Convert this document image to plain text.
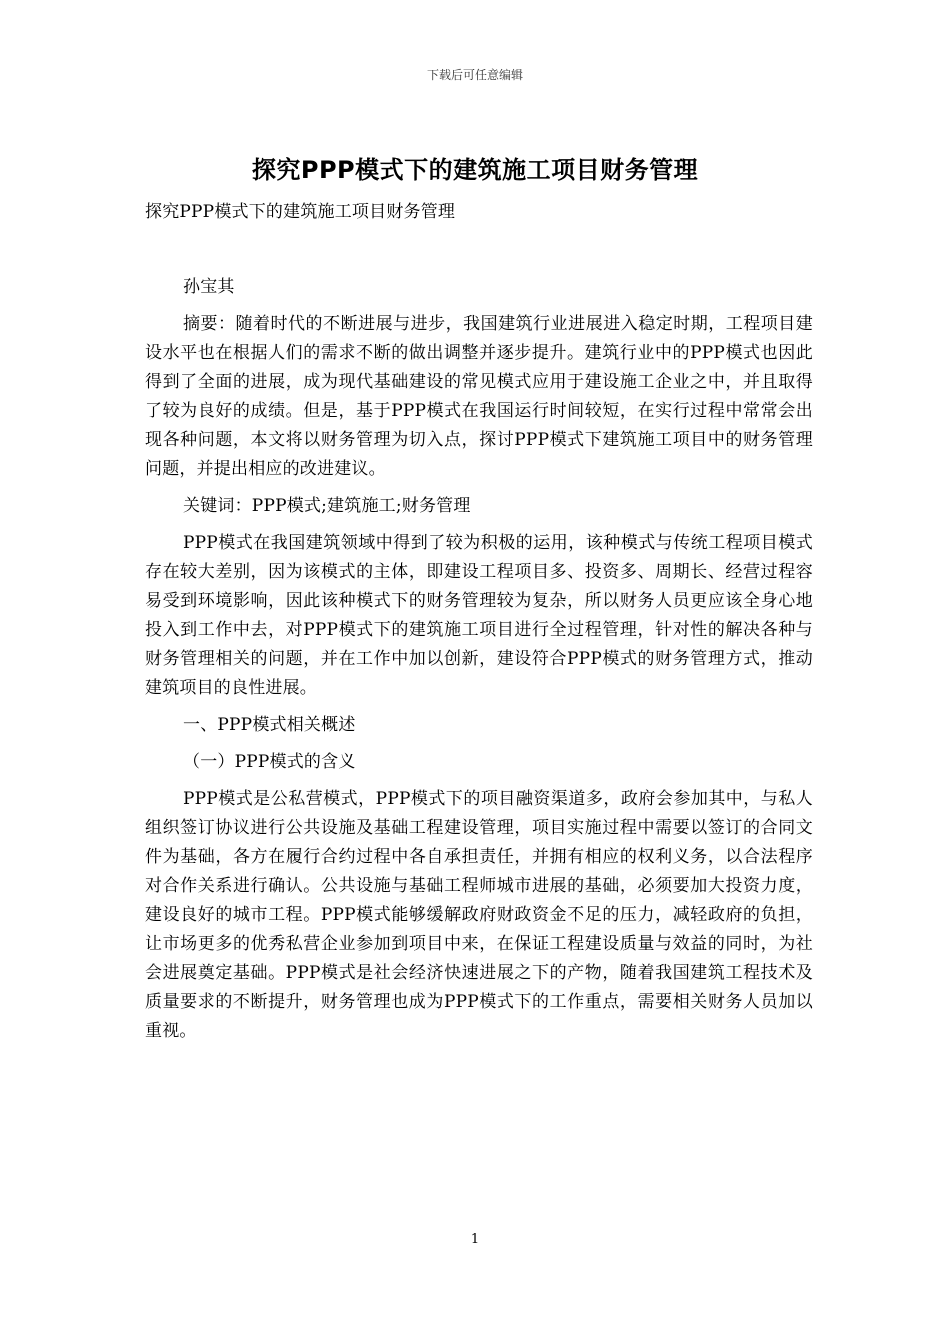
下载后可任意编辑
探究PPP模式下的建筑施工项目财务管理

探究PPP模式下的建筑施工项目财务管理

孙宝其

摘要：随着时代的不断进展与进步，我国建筑行业进展进入稳定时期，工程项目建设水平也在根据人们的需求不断的做出调整并逐步提升。建筑行业中的PPP模式也因此得到了全面的进展，成为现代基础建设的常见模式应用于建设施工企业之中，并且取得了较为良好的成绩。但是，基于PPP模式在我国运行时间较短，在实行过程中常常会出现各种问题，本文将以财务管理为切入点，探讨PPP模式下建筑施工项目中的财务管理问题，并提出相应的改进建议。

关键词：PPP模式;建筑施工;财务管理

PPP模式在我国建筑领域中得到了较为积极的运用，该种模式与传统工程项目模式存在较大差别，因为该模式的主体，即建设工程项目多、投资多、周期长、经营过程容易受到环境影响，因此该种模式下的财务管理较为复杂，所以财务人员更应该全身心地投入到工作中去，对PPP模式下的建筑施工项目进行全过程管理，针对性的解决各种与财务管理相关的问题，并在工作中加以创新，建设符合PPP模式的财务管理方式，推动建筑项目的良性进展。

一、PPP模式相关概述

（一）PPP模式的含义

PPP模式是公私营模式，PPP模式下的项目融资渠道多，政府会参加其中，与私人组织签订协议进行公共设施及基础工程建设管理，项目实施过程中需要以签订的合同文件为基础，各方在履行合约过程中各自承担责任，并拥有相应的权利义务，以合法程序对合作关系进行确认。公共设施与基础工程师城市进展的基础，必须要加大投资力度，建设良好的城市工程。PPP模式能够缓解政府财政资金不足的压力，减轻政府的负担，让市场更多的优秀私营企业参加到项目中来，在保证工程建设质量与效益的同时，为社会进展奠定基础。PPP模式是社会经济快速进展之下的产物，随着我国建筑工程技术及质量要求的不断提升，财务管理也成为PPP模式下的工作重点，需要相关财务人员加以重视。

1
